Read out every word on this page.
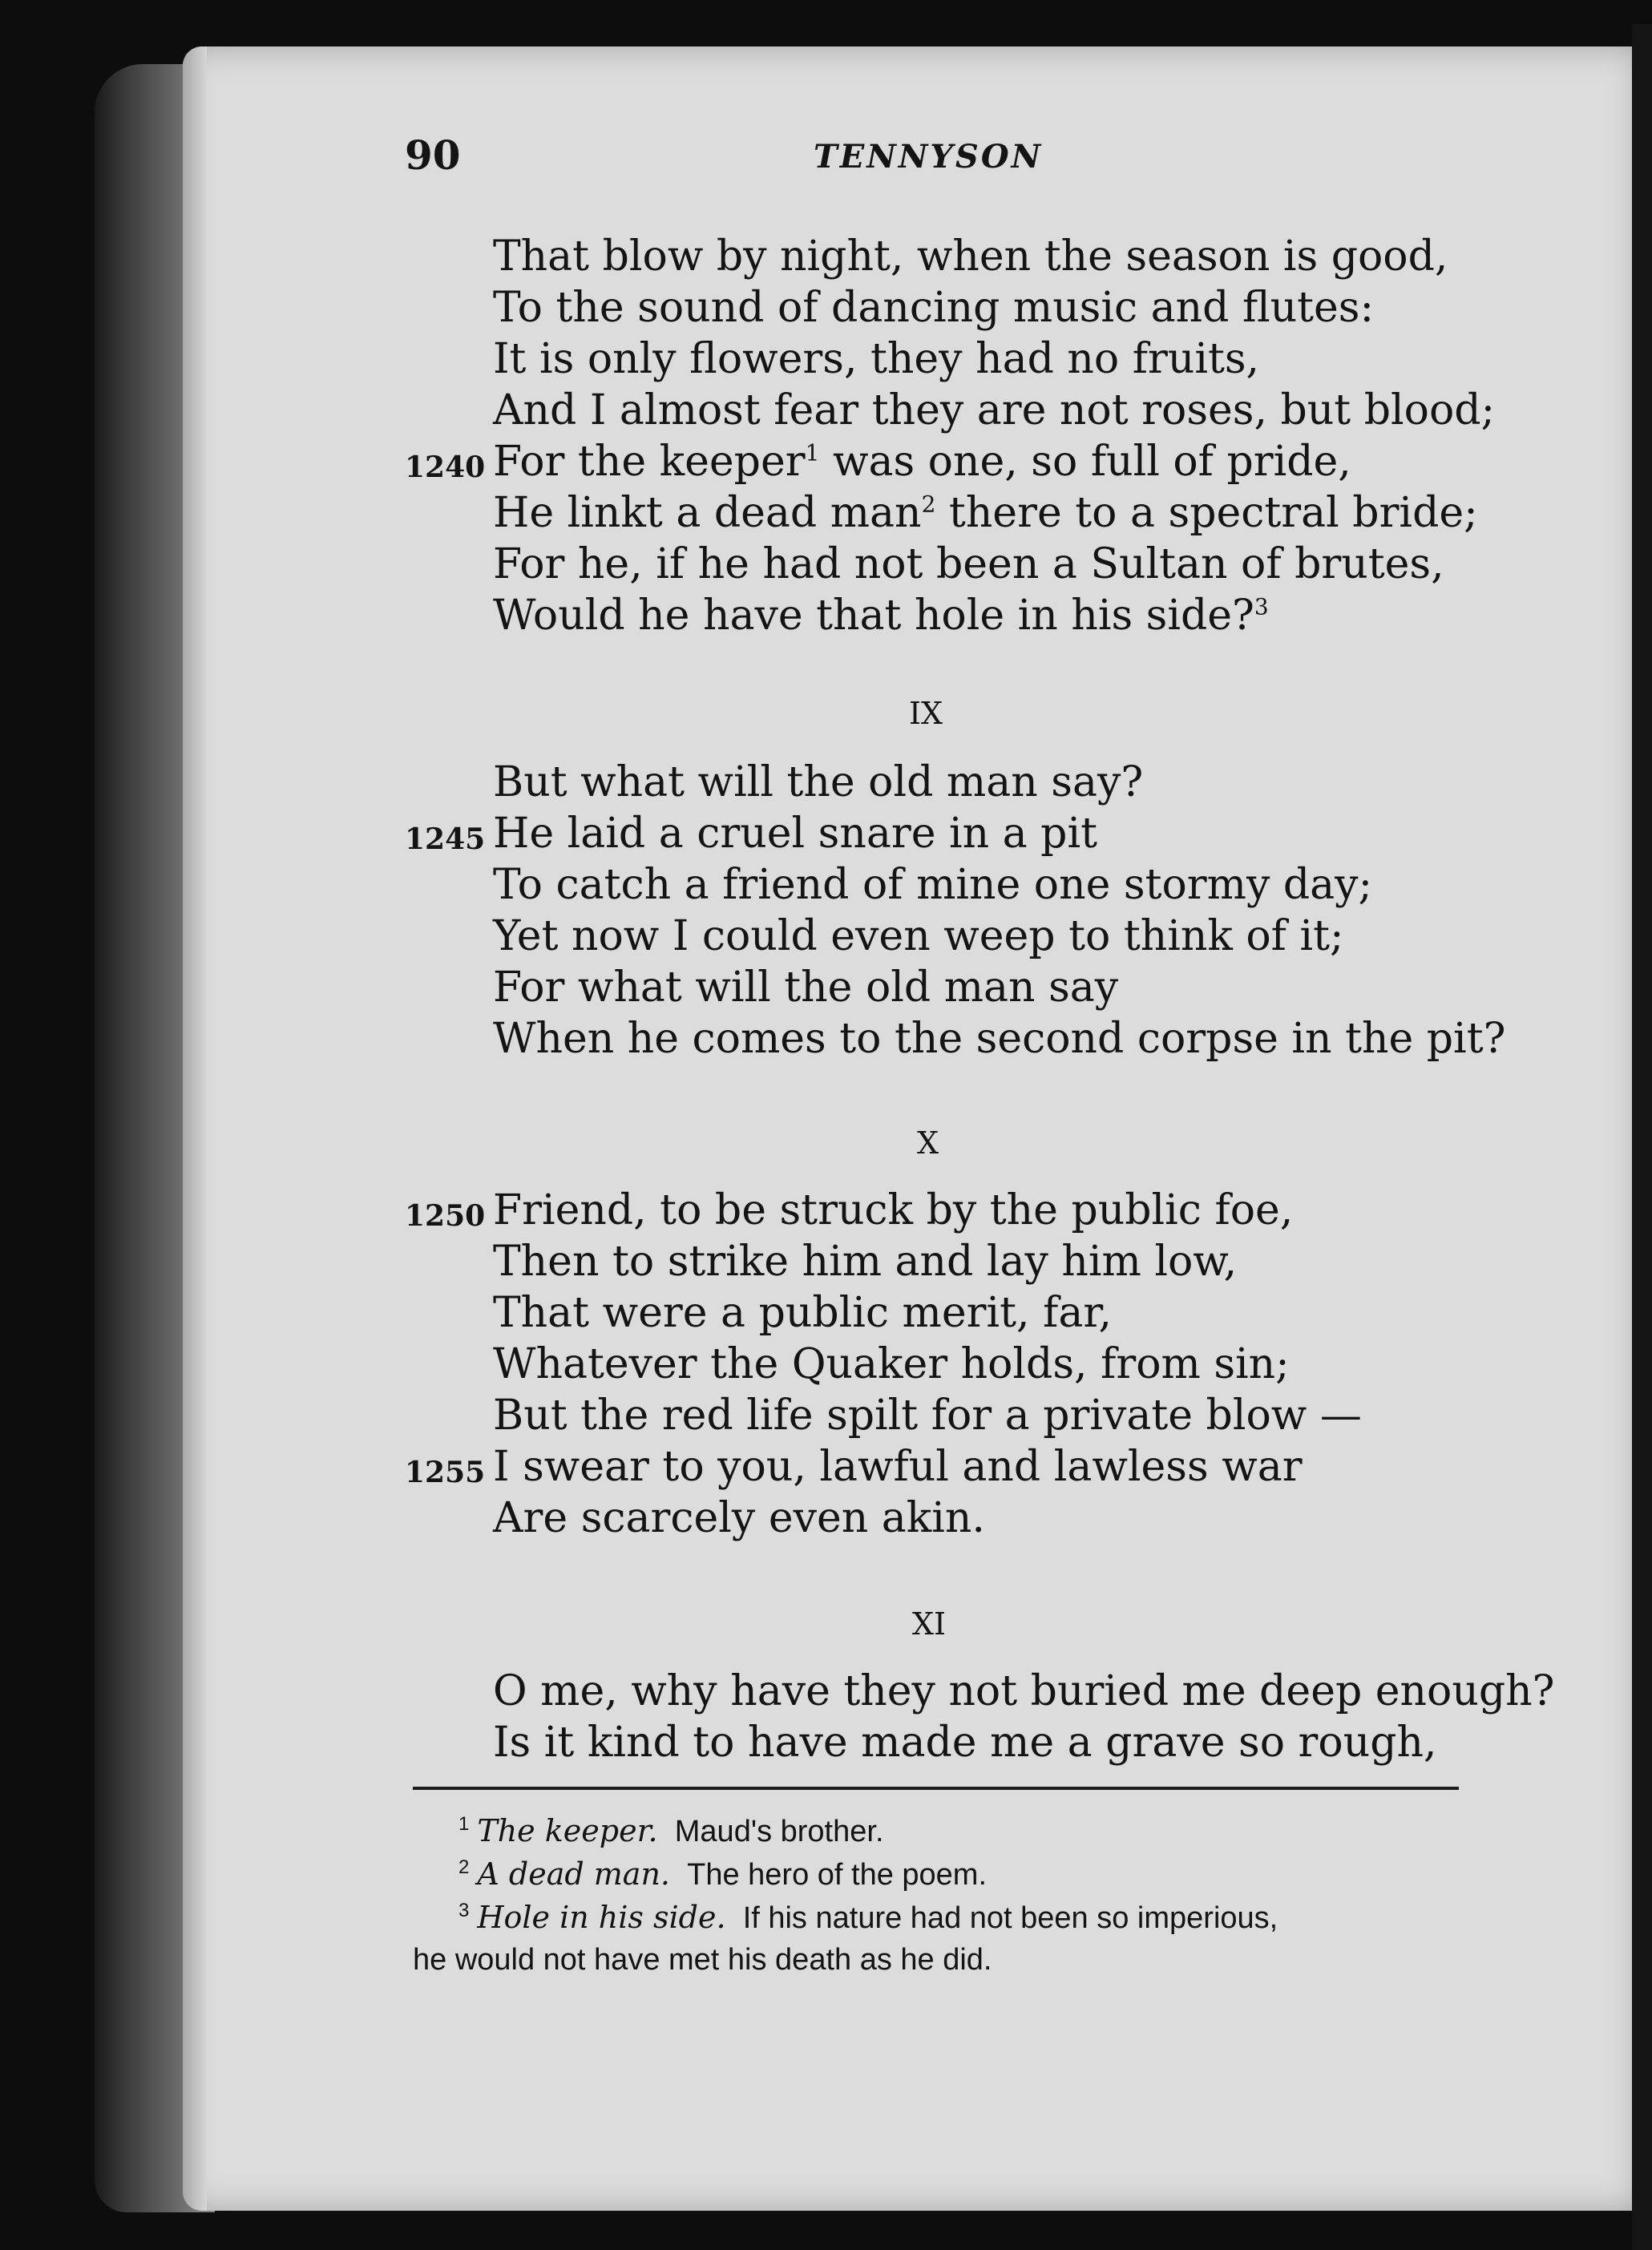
90	TENNYSON
That blow by night, when the season is good,
To the sound of dancing music and flutes:
It is only flowers, they had no fruits,
And I almost fear they are not roses, but blood;
1240 For the keeper$^1$ was one, so full of pride,
He linkt a dead man$^2$ there to a spectral bride;
For he, if he had not been a Sultan of brutes,
Would he have that hole in his side?$^3$
IX
But what will the old man say?
1245 He laid a cruel snare in a pit
To catch a friend of mine one stormy day;
Yet now I could even weep to think of it;
For what will the old man say
When he comes to the second corpse in the pit?
X
1250 Friend, to be struck by the public foe,
Then to strike him and lay him low,
That were a public merit, far,
Whatever the Quaker holds, from sin;
But the red life spilt for a private blow —
1255 I swear to you, lawful and lawless war
Are scarcely even akin.
XI
O me, why have they not buried me deep enough?
Is it kind to have made me a grave so rough,
$^1$ The keeper. Maud's brother.
$^2$ A dead man. The hero of the poem.
$^3$ Hole in his side. If his nature had not been so imperious,
he would not have met his death as he did.
